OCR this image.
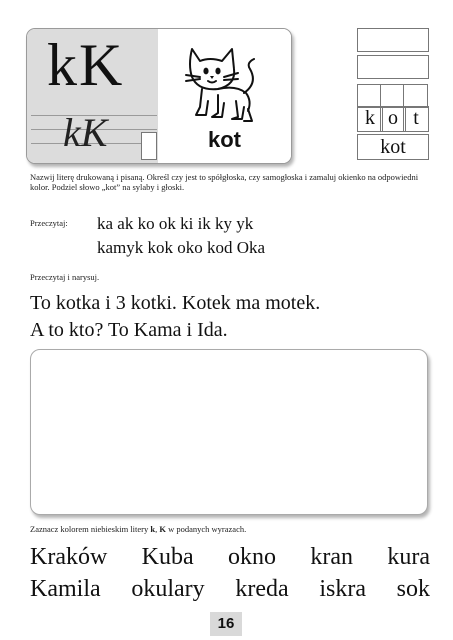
kK
kK	kot
k o t
kot
Nazwij literę drukowaną i pisaną. Określ czy jest to spółgłoska, czy samogłoska i zamaluj okienko na odpowiedni kolor. Podziel słowo „kot” na sylaby i głoski.
Przeczytaj: ka ak ko ok ki ik ky yk
kamyk kok oko kod Oka
Przeczytaj i narysuj.
To kotka i 3 kotki. Kotek ma motek.
A to kto? To Kama i Ida.
Zaznacz kolorem niebieskim litery k, K w podanych wyrazach.
Kraków Kuba okno kran kura
Kamila okulary kreda iskra sok
16
